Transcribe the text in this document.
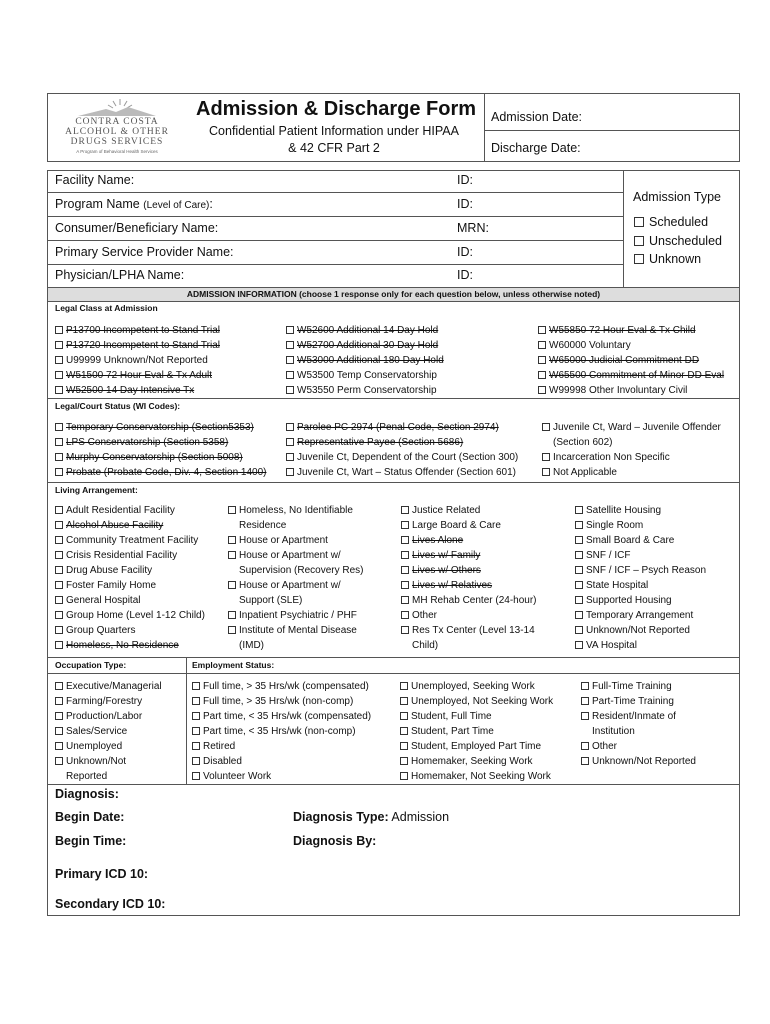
CONTRA COSTA
ALCOHOL & OTHER
DRUGS SERVICES
A Program of Behavioral Health Services
Admission & Discharge Form
Confidential Patient Information under HIPAA
& 42 CFR Part 2
Admission Date:
Discharge Date:
Facility Name:
Program Name (Level of Care):
Consumer/Beneficiary Name:
Primary Service Provider Name:
Physician/LPHA Name:
ID:
ID:
MRN:
ID:
ID:
Admission Type
Scheduled
Unscheduled
Unknown
ADMISSION INFORMATION (choose 1 response only for each question below, unless otherwise noted)
Legal Class at Admission
P13700 Incompetent to Stand Trial
P13720 Incompetent to Stand Trial
U99999 Unknown/Not Reported
W51500 72 Hour Eval & Tx Adult
W52500 14 Day Intensive Tx
W52600 Additional 14 Day Hold
W52700 Additional 30 Day Hold
W53000 Additional 180 Day Hold
W53500 Temp Conservatorship
W53550 Perm Conservatorship
W55850 72 Hour Eval & Tx Child
W60000 Voluntary
W65000 Judicial Commitment DD
W65500 Commitment of Minor DD Eval
W99998 Other Involuntary Civil
Legal/Court Status (WI Codes):
Temporary Conservatorship (Section5353)
LPS Conservatorship (Section 5358)
Murphy Conservatorship (Section 5008)
Probate (Probate Code, Div. 4, Section 1400)
Parolee PC 2974 (Penal Code, Section 2974)
Representative Payee (Section 5686)
Juvenile Ct, Dependent of the Court (Section 300)
Juvenile Ct, Wart – Status Offender (Section 601)
Juvenile Ct, Ward – Juvenile Offender
(Section 602)
Incarceration Non Specific
Not Applicable
Living Arrangement:
Adult Residential Facility
Alcohol Abuse Facility
Community Treatment Facility
Crisis Residential Facility
Drug Abuse Facility
Foster Family Home
General Hospital
Group Home (Level 1-12 Child)
Group Quarters
Homeless, No Residence
Homeless, No Identifiable
Residence
House or Apartment
House or Apartment w/
Supervision (Recovery Res)
House or Apartment w/
Support (SLE)
Inpatient Psychiatric / PHF
Institute of Mental Disease
(IMD)
Justice Related
Large Board & Care
Lives Alone
Lives w/ Family
Lives w/ Others
Lives w/ Relatives
MH Rehab Center (24-hour)
Other
Res Tx Center (Level 13-14
Child)
Satellite Housing
Single Room
Small Board & Care
SNF / ICF
SNF / ICF – Psych Reason
State Hospital
Supported Housing
Temporary Arrangement
Unknown/Not Reported
VA Hospital
Occupation Type:	Employment Status:
Executive/Managerial
Farming/Forestry
Production/Labor
Sales/Service
Unemployed
Unknown/Not
Reported
Full time, > 35 Hrs/wk (compensated)
Full time, > 35 Hrs/wk (non-comp)
Part time, < 35 Hrs/wk (compensated)
Part time, < 35 Hrs/wk (non-comp)
Retired
Disabled
Volunteer Work
Unemployed, Seeking Work
Unemployed, Not Seeking Work
Student, Full Time
Student, Part Time
Student, Employed Part Time
Homemaker, Seeking Work
Homemaker, Not Seeking Work
Full-Time Training
Part-Time Training
Resident/Inmate of
Institution
Other
Unknown/Not Reported
Diagnosis:
Begin Date:
Begin Time:
Diagnosis Type: Admission
Diagnosis By:
Primary ICD 10:
Secondary ICD 10:
